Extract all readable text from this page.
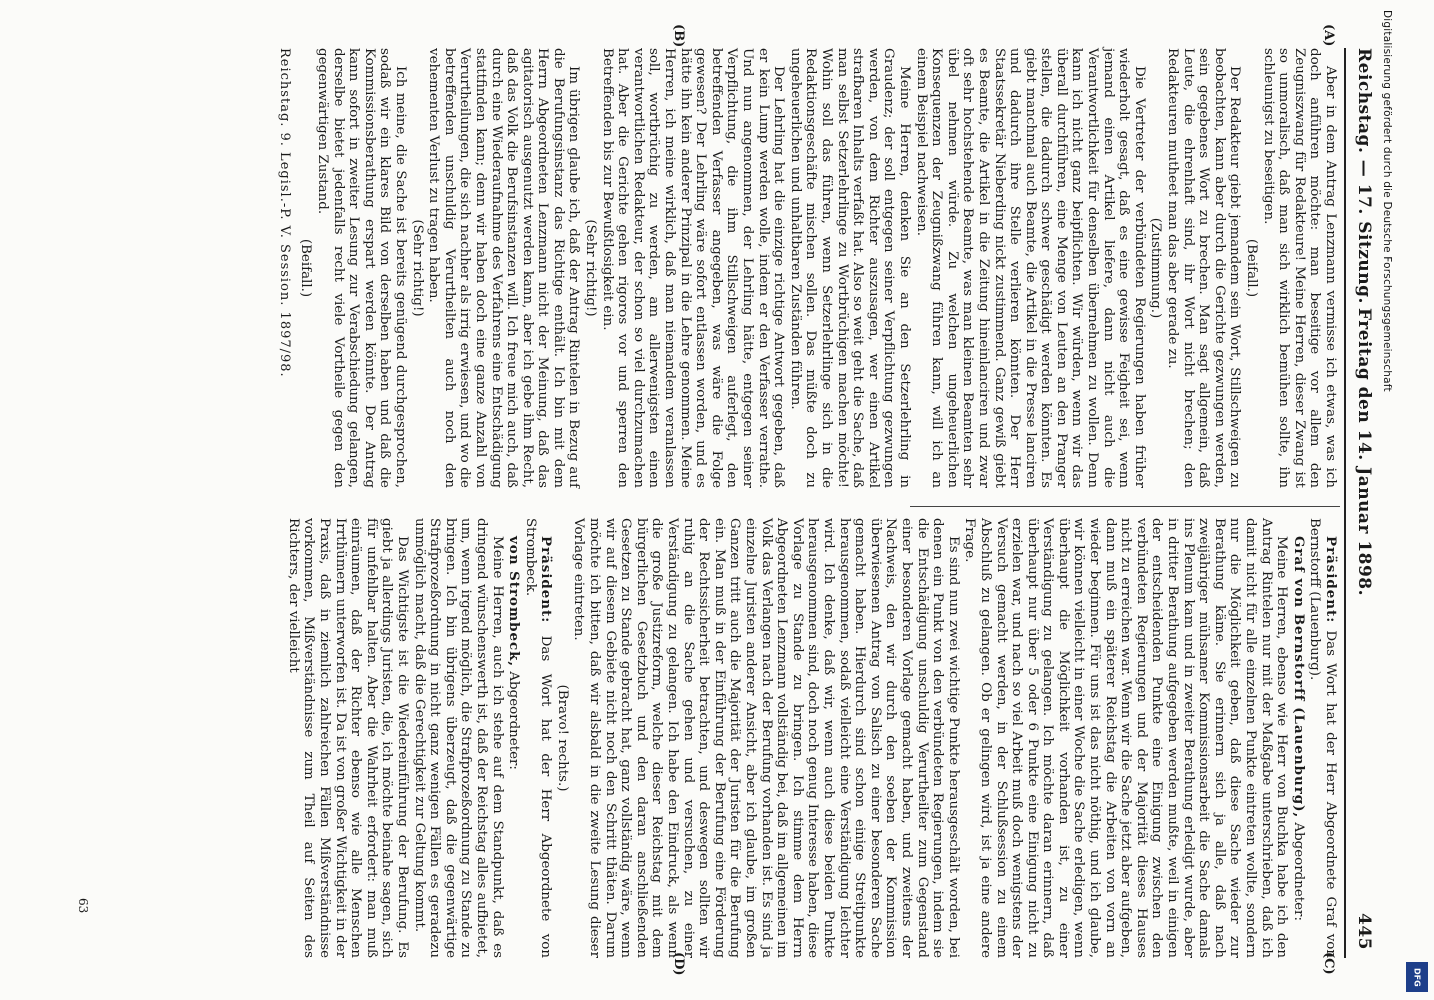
Reichstag. — 17. Sitzung.
Freitag den 14. Januar 1898.
445
(A)
(B)
(C)
(D)

Aber in dem Antrag Lenzmann vermisse ich etwas, was ich doch anführen möchte: man beseitige vor allem den Zeugniszwang für Redakteure! Meine Herren, dieser Zwang ist so unmoralisch, daß man sich wirklich bemühen sollte, ihn schleunigst zu beseitigen.

(Beifall.)

Der Redakteur giebt jemandem sein Wort, Stillschweigen zu beobachten, kann aber durch die Gerichte gezwungen werden, sein gegebenes Wort zu brechen. Man sagt allgemein, daß Leute, die ehrenhaft sind, ihr Wort nicht brechen; den Redakteuren mutheet man das aber gerade zu.

(Zustimmung.)

Die Vertreter der verbündeten Regierungen haben früher wiederholt gesagt, daß es eine gewisse Feigheit sei, wenn jemand einen Artikel liefere, dann nicht auch die Verantwortlichkeit für denselben übernehmen zu wollen. Denn kann ich nicht ganz beipflichten. Wir würden, wenn wir das überall durchführen, eine Menge von Leuten an den Pranger stellen, die dadurch schwer geschädigt werden könnten. Es giebt manchmal auch Beamte, die Artikel in die Presse lanciren und dadurch ihre Stelle verlieren könnten. Der Herr Staatssekretär Nieberding nickt zustimmend. Ganz gewiß giebt es Beamte, die Artikel in die Zeitung hineinlanciren und zwar oft sehr hochstehende Beamte, was man kleinen Beamten sehr übel nehmen würde. Zu welchen ungeheuerlichen Konsequenzen der Zeugnißzwang führen kann, will ich an einem Beispiel nachweisen.

Meine Herren, denken Sie an den Setzerlehrling in Graudenz; der soll entgegen seiner Verpflichtung gezwungen werden, von dem Richter auszusagen, wer einen Artikel strafbaren Inhalts verfaßt hat. Also so weit geht die Sache, daß man selbst Setzerlehrlinge zu Wortbrüchigen machen möchte! Wohin soll das führen, wenn Setzerlehrlinge sich in die Redaktionsgeschäfte mischen sollen. Das müßte doch zu ungeheuerlichen und unhaltbaren Zuständen führen.

Der Lehrling hat die einzige richtige Antwort gegeben, daß er kein Lump werden wolle, indem er den Verfasser verrathe. Und nun angenommen, der Lehrling hätte, entgegen seiner Verpflichtung, die ihm Stillschweigen auferlegt, den betreffenden Verfasser angegeben, was wäre die Folge gewesen? Der Lehrling wäre sofort entlassen worden, und es hätte ihn kein anderer Prinzipal in die Lehre genommen. Meine Herren, ich meine wirklich, daß man niemandem veranlassen soll, wortbrüchig zu werden, am allerwenigsten einen verantwortlichen Redakteur, der schon so viel durchzumachen hat. Aber die Gerichte gehen rigoros vor und sperren den Betreffenden bis zur Bewußtlosigkeit ein.

(Sehr richtig!)

Im übrigen glaube ich, daß der Antrag Rintelen in Bezug auf die Berufungsinstanz das Richtige enthält. Ich bin mit dem Herrn Abgeordneten Lenzmann nicht der Meinung, daß das agitatorisch ausgenutzt werden kann, aber ich gebe ihm Recht, daß das Volk die Berufsinstanzen will. Ich freue mich auch, daß durch eine Wiederaufnahme des Verfahrens eine Entschädigung stattfinden kann; denn wir haben doch eine ganze Anzahl von Verurtheilungen, die sich nachher als irrig erwiesen, und wo die betreffenden unschuldig Verurtheilten auch noch den vehementen Verlust zu tragen haben.

(Sehr richtig!)

Ich meine, die Sache ist bereits genügend durchgesprochen, sodaß wir ein klares Bild von derselben haben und daß die Kommissionsberathung erspart werden könnte. Der Antrag kann sofort in zweiter Lesung zur Verabschiedung gelangen, derselbe bietet jedenfalls recht viele Vortheile gegen den gegenwärtigen Zustand.

(Beifall.)

Reichstag. 9. Legisl.-P. V. Session. 1897/98.

Präsident: Das Wort hat der Herr Abgeordnete Graf von Bernstorff (Lauenburg).

Graf von Bernstorff (Lauenburg), Abgeordneter:

Meine Herren, ebenso wie Herr von Buchka habe ich den Antrag Rintelen nur mit der Maßgabe unterschrieben, daß ich damit nicht für alle einzelnen Punkte eintreten wollte, sondern nur die Möglichkeit geben, daß diese Sache wieder zur Berathung käme. Sie erinnern sich ja alle, daß nach zweijähriger mühsamer Kommissionsarbeit die Sache damals ins Plenum kam und in zweiter Berathung erledigt wurde, aber in dritter Berathung aufgegeben werden mußte, weil in einigen der entscheidenden Punkte eine Einigung zwischen den verbündeten Regierungen und der Majorität dieses Hauses nicht zu erreichen war. Wenn wir die Sache jetzt aber aufgeben, dann muß ein späterer Reichstag die Arbeiten von vorn an wieder beginnen. Für uns ist das nicht nöthig, und ich glaube, wir können vielleicht in einer Woche die Sache erledigen, wenn überhaupt die Möglichkeit vorhanden ist, zu einer Verständigung zu gelangen. Ich möchte daran erinnern, daß überhaupt nur über 5 oder 6 Punkte eine Einigung nicht zu erzielen war, und nach so viel Arbeit muß doch wenigstens der Versuch gemacht werden, in der Schlußsession zu einem Abschluß zu gelangen. Ob er gelingen wird, ist ja eine andere Frage.

Es sind nun zwei wichtige Punkte herausgeschält worden, bei denen ein Punkt von den verbündeten Regierungen, indem sie die Entschädigung unschuldig Verurtheilter zum Gegenstand einer besonderen Vorlage gemacht haben, und zweitens der Nachweis, den wir durch den soeben der Kommission überwiesenen Antrag von Salisch zu einer besonderen Sache gemacht haben. Hierdurch sind schon einige Streitpunkte herausgenommen, sodaß vielleicht eine Verständigung leichter wird. Ich denke, daß wir, wenn auch diese beiden Punkte herausgenommen sind, doch noch genug Interesse haben, diese Vorlage zu Stande zu bringen. Ich stimme dem Herrn Abgeordneten Lenzmann vollständig bei, daß im allgemeinen im Volk das Verlangen nach der Berufung vorhanden ist. Es sind ja einzelne Juristen anderer Ansicht, aber ich glaube, im großen Ganzen tritt auch die Majorität der Juristen für die Berufung ein. Man muß in der Einführung der Berufung eine Förderung der Rechtssicherheit betrachten, und deswegen sollten wir ruhig an die Sache gehen und versuchen, zu einer Verständigung zu gelangen. Ich habe den Eindruck, als wenn die große Justizreform, welche dieser Reichstag mit dem bürgerlichen Gesetzbuch und den daran anschließenden Gesetzen zu Stande gebracht hat, ganz vollständig wäre, wenn wir auf diesem Gebiete nicht noch den Schritt thäten. Darum möchte ich bitten, daß wir alsbald in die zweite Lesung dieser Vorlage eintreten.

(Bravo! rechts.)

Präsident: Das Wort hat der Herr Abgeordnete von Strombeck.

von Strombeck, Abgeordneter:

Meine Herren, auch ich stehe auf dem Standpunkt, daß es dringend wünschenswerth ist, daß der Reichstag alles aufbietet, um, wenn irgend möglich, die Strafprozeßordnung zu Stande zu bringen. Ich bin übrigens überzeugt, daß die gegenwärtige Strafprozeßordnung in nicht ganz wenigen Fällen es geradezu unmöglich macht, daß die Gerechtigkeit zur Geltung kommt.

Das Wichtigste ist die Wiedereinführung der Berufung. Es giebt ja allerdings Juristen, die, ich möchte beinahe sagen, sich für unfehlbar halten. Aber die Wahrheit erfordert: man muß einräumen, daß der Richter ebenso wie alle Menschen Irrthümern unterworfen ist. Da ist von großer Wichtigkeit in der Praxis, daß in ziemlich zahlreichen Fällen Mißverständnisse vorkommen, Mißverständnisse zum Theil auf Seiten des Richters, der vielleicht

63
Digitalisierung gefördert durch die Deutsche Forschungsgemeinschaft
DFG
